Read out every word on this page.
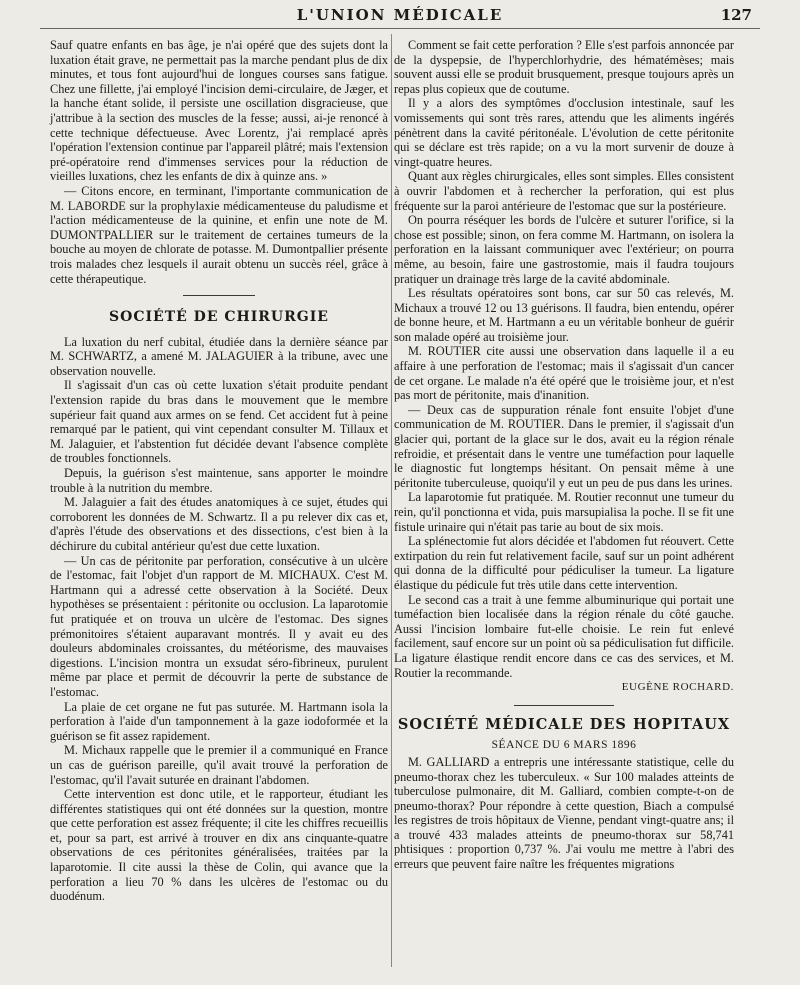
L'UNION MÉDICALE	127

Sauf quatre enfants en bas âge, je n'ai opéré que des sujets dont la luxation était grave, ne permettait pas la marche pendant plus de dix minutes, et tous font aujourd'hui de longues courses sans fatigue. Chez une fillette, j'ai employé l'incision demi-circulaire, de Jæger, et la hanche étant solide, il persiste une oscillation disgracieuse, que j'attribue à la section des muscles de la fesse; aussi, ai-je renoncé à cette technique défectueuse. Avec Lorentz, j'ai remplacé après l'opération l'extension continue par l'appareil plâtré; mais l'extension pré-opératoire rend d'immenses services pour la réduction de vieilles luxations, chez les enfants de dix à quinze ans. »

— Citons encore, en terminant, l'importante communication de M. LABORDE sur la prophylaxie médicamenteuse du paludisme et l'action médicamenteuse de la quinine, et enfin une note de M. DUMONTPALLIER sur le traitement de certaines tumeurs de la bouche au moyen de chlorate de potasse. M. Dumontpallier présente trois malades chez lesquels il aurait obtenu un succès réel, grâce à cette thérapeutique.

SOCIÉTÉ DE CHIRURGIE

La luxation du nerf cubital, étudiée dans la dernière séance par M. SCHWARTZ, a amené M. JALAGUIER à la tribune, avec une observation nouvelle.

Il s'agissait d'un cas où cette luxation s'était produite pendant l'extension rapide du bras dans le mouvement que le membre supérieur fait quand aux armes on se fend. Cet accident fut à peine remarqué par le patient, qui vint cependant consulter M. Tillaux et M. Jalaguier, et l'abstention fut décidée devant l'absence complète de troubles fonctionnels.

Depuis, la guérison s'est maintenue, sans apporter le moindre trouble à la nutrition du membre.

M. Jalaguier a fait des études anatomiques à ce sujet, études qui corroborent les données de M. Schwartz. Il a pu relever dix cas et, d'après l'étude des observations et des dissections, c'est bien à la déchirure du cubital antérieur qu'est due cette luxation.

— Un cas de péritonite par perforation, consécutive à un ulcère de l'estomac, fait l'objet d'un rapport de M. MICHAUX. C'est M. Hartmann qui a adressé cette observation à la Société. Deux hypothèses se présentaient : péritonite ou occlusion. La laparotomie fut pratiquée et on trouva un ulcère de l'estomac. Des signes prémonitoires s'étaient auparavant montrés. Il y avait eu des douleurs abdominales croissantes, du météorisme, des mauvaises digestions. L'incision montra un exsudat séro-fibrineux, purulent même par place et permit de découvrir la perte de substance de l'estomac.

La plaie de cet organe ne fut pas suturée. M. Hartmann isola la perforation à l'aide d'un tamponnement à la gaze iodoformée et la guérison se fit assez rapidement.

M. Michaux rappelle que le premier il a communiqué en France un cas de guérison pareille, qu'il avait trouvé la perforation de l'estomac, qu'il l'avait suturée en drainant l'abdomen.

Cette intervention est donc utile, et le rapporteur, étudiant les différentes statistiques qui ont été données sur la question, montre que cette perforation est assez fréquente; il cite les chiffres recueillis et, pour sa part, est arrivé à trouver en dix ans cinquante-quatre observations de ces péritonites généralisées, traitées par la laparotomie. Il cite aussi la thèse de Colin, qui avance que la perforation a lieu 70 % dans les ulcères de l'estomac ou du duodénum.

Comment se fait cette perforation ? Elle s'est parfois annoncée par de la dyspepsie, de l'hyperchlorhydrie, des hématémèses; mais souvent aussi elle se produit brusquement, presque toujours après un repas plus copieux que de coutume.

Il y a alors des symptômes d'occlusion intestinale, sauf les vomissements qui sont très rares, attendu que les aliments ingérés pénètrent dans la cavité péritonéale. L'évolution de cette péritonite qui se déclare est très rapide; on a vu la mort survenir de douze à vingt-quatre heures.

Quant aux règles chirurgicales, elles sont simples. Elles consistent à ouvrir l'abdomen et à rechercher la perforation, qui est plus fréquente sur la paroi antérieure de l'estomac que sur la postérieure.

On pourra réséquer les bords de l'ulcère et suturer l'orifice, si la chose est possible; sinon, on fera comme M. Hartmann, on isolera la perforation en la laissant communiquer avec l'extérieur; on pourra même, au besoin, faire une gastrostomie, mais il faudra toujours pratiquer un drainage très large de la cavité abdominale.

Les résultats opératoires sont bons, car sur 50 cas relevés, M. Michaux a trouvé 12 ou 13 guérisons. Il faudra, bien entendu, opérer de bonne heure, et M. Hartmann a eu un véritable bonheur de guérir son malade opéré au troisième jour.

M. ROUTIER cite aussi une observation dans laquelle il a eu affaire à une perforation de l'estomac; mais il s'agissait d'un cancer de cet organe. Le malade n'a été opéré que le troisième jour, et n'est pas mort de péritonite, mais d'inanition.

— Deux cas de suppuration rénale font ensuite l'objet d'une communication de M. ROUTIER. Dans le premier, il s'agissait d'un glacier qui, portant de la glace sur le dos, avait eu la région rénale refroidie, et présentait dans le ventre une tuméfaction pour laquelle le diagnostic fut longtemps hésitant. On pensait même à une péritonite tuberculeuse, quoiqu'il y eut un peu de pus dans les urines.

La laparotomie fut pratiquée. M. Routier reconnut une tumeur du rein, qu'il ponctionna et vida, puis marsupialisa la poche. Il se fit une fistule urinaire qui n'était pas tarie au bout de six mois.

La splénectomie fut alors décidée et l'abdomen fut réouvert. Cette extirpation du rein fut relativement facile, sauf sur un point adhérent qui donna de la difficulté pour pédiculiser la tumeur. La ligature élastique du pédicule fut très utile dans cette intervention.

Le second cas a trait à une femme albuminurique qui portait une tuméfaction bien localisée dans la région rénale du côté gauche. Aussi l'incision lombaire fut-elle choisie. Le rein fut enlevé facilement, sauf encore sur un point où sa pédiculisation fut difficile. La ligature élastique rendit encore dans ce cas des services, et M. Routier la recommande.

EUGÈNE ROCHARD.
SOCIÉTÉ MÉDICALE DES HOPITAUX
SÉANCE DU 6 MARS 1896

M. GALLIARD a entrepris une intéressante statistique, celle du pneumo-thorax chez les tuberculeux. « Sur 100 malades atteints de tuberculose pulmonaire, dit M. Galliard, combien compte-t-on de pneumo-thorax? Pour répondre à cette question, Biach a compulsé les registres de trois hôpitaux de Vienne, pendant vingt-quatre ans; il a trouvé 433 malades atteints de pneumo-thorax sur 58,741 phtisiques : proportion 0,737 %. J'ai voulu me mettre à l'abri des erreurs que peuvent faire naître les fréquentes migrations
